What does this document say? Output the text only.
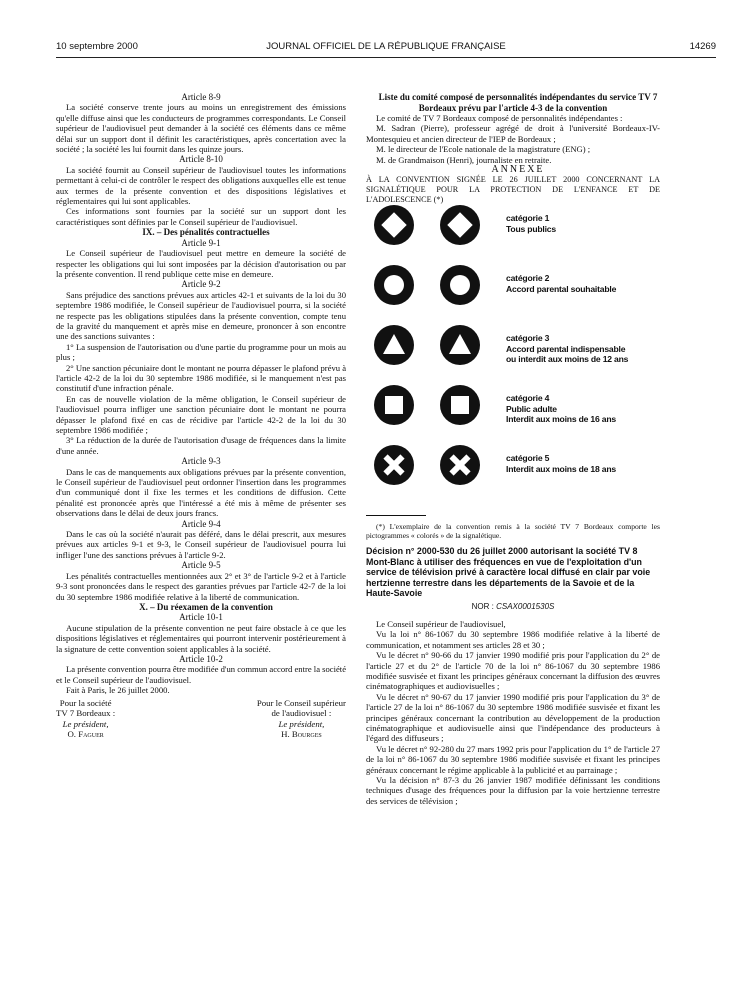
10 septembre 2000	JOURNAL OFFICIEL DE LA RÉPUBLIQUE FRANÇAISE	14269

Article 8-9

La société conserve trente jours au moins un enregistrement des émissions qu'elle diffuse ainsi que les conducteurs de programmes correspondants. Le Conseil supérieur de l'audiovisuel peut demander à la société ces éléments dans ce même délai sur un support dont il définit les caractéristiques, après concertation avec la société ; la société les lui fournit dans les quinze jours.

Article 8-10

La société fournit au Conseil supérieur de l'audiovisuel toutes les informations permettant à celui-ci de contrôler le respect des obligations auxquelles elle est tenue aux termes de la présente convention et des dispositions législatives et réglementaires qui lui sont applicables.

Ces informations sont fournies par la société sur un support dont les caractéristiques sont définies par le Conseil supérieur de l'audiovisuel.

IX. – Des pénalités contractuelles

Article 9-1

Le Conseil supérieur de l'audiovisuel peut mettre en demeure la société de respecter les obligations qui lui sont imposées par la décision d'autorisation ou par la présente convention. Il rend publique cette mise en demeure.

Article 9-2

Sans préjudice des sanctions prévues aux articles 42-1 et suivants de la loi du 30 septembre 1986 modifiée, le Conseil supérieur de l'audiovisuel pourra, si la société ne respecte pas les obligations stipulées dans la présente convention, compte tenu de la gravité du manquement et après mise en demeure, prononcer à son encontre une des sanctions suivantes :

1° La suspension de l'autorisation ou d'une partie du programme pour un mois au plus ;

2° Une sanction pécuniaire dont le montant ne pourra dépasser le plafond prévu à l'article 42-2 de la loi du 30 septembre 1986 modifiée, si le manquement n'est pas constitutif d'une infraction pénale.

En cas de nouvelle violation de la même obligation, le Conseil supérieur de l'audiovisuel pourra infliger une sanction pécuniaire dont le montant ne pourra dépasser le plafond fixé en cas de récidive par l'article 42-2 de la loi du 30 septembre 1986 modifiée ;

3° La réduction de la durée de l'autorisation d'usage de fréquences dans la limite d'une année.

Article 9-3

Dans le cas de manquements aux obligations prévues par la présente convention, le Conseil supérieur de l'audiovisuel peut ordonner l'insertion dans les programmes d'un communiqué dont il fixe les termes et les conditions de diffusion. Cette pénalité est prononcée après que l'intéressé a été mis à même de présenter ses observations dans le délai de deux jours francs.

Article 9-4

Dans le cas où la société n'aurait pas déféré, dans le délai prescrit, aux mesures prévues aux articles 9-1 et 9-3, le Conseil supérieur de l'audiovisuel pourra lui infliger l'une des sanctions prévues à l'article 9-2.

Article 9-5

Les pénalités contractuelles mentionnées aux 2° et 3° de l'article 9-2 et à l'article 9-3 sont prononcées dans le respect des garanties prévues par l'article 42-7 de la loi du 30 septembre 1986 modifiée relative à la liberté de communication.

X. – Du réexamen de la convention

Article 10-1

Aucune stipulation de la présente convention ne peut faire obstacle à ce que les dispositions législatives et réglementaires qui pourront intervenir postérieurement à la signature de cette convention soient applicables à la société.

Article 10-2

La présente convention pourra être modifiée d'un commun accord entre la société et le Conseil supérieur de l'audiovisuel.

Fait à Paris, le 26 juillet 2000.

Pour la société
TV 7 Bordeaux :
Le président,
O. Faguer
Pour le Conseil supérieur
de l'audiovisuel :
Le président,
H. Bourges

Liste du comité composé de personnalités indépendantes du service TV 7 Bordeaux prévu par l'article 4-3 de la convention

Le comité de TV 7 Bordeaux composé de personnalités indépendantes :

M. Sadran (Pierre), professeur agrégé de droit à l'université Bordeaux-IV-Montesquieu et ancien directeur de l'IEP de Bordeaux ;

M. le directeur de l'Ecole nationale de la magistrature (ENG) ;

M. de Grandmaison (Henri), journaliste en retraite.

ANNEXE

À LA CONVENTION SIGNÉE LE 26 JUILLET 2000 CONCERNANT LA SIGNALÉTIQUE POUR LA PROTECTION DE L'ENFANCE ET DE L'ADOLESCENCE (*)

catégorie 1
Tous publics
catégorie 2
Accord parental souhaitable
catégorie 3
Accord parental indispensable
ou interdit aux moins de 12 ans
catégorie 4
Public adulte
Interdit aux moins de 16 ans
catégorie 5
Interdit aux moins de 18 ans

(*) L'exemplaire de la convention remis à la société TV 7 Bordeaux comporte les pictogrammes « colorés » de la signalétique.

Décision n° 2000-530 du 26 juillet 2000 autorisant la société TV 8 Mont-Blanc à utiliser des fréquences en vue de l'exploitation d'un service de télévision privé à caractère local diffusé en clair par voie hertzienne terrestre dans les départements de la Savoie et de la Haute-Savoie
NOR : CSAX0001530S

Le Conseil supérieur de l'audiovisuel,

Vu la loi n° 86-1067 du 30 septembre 1986 modifiée relative à la liberté de communication, et notamment ses articles 28 et 30 ;

Vu le décret n° 90-66 du 17 janvier 1990 modifié pris pour l'application du 2° de l'article 27 et du 2° de l'article 70 de la loi n° 86-1067 du 30 septembre 1986 modifiée susvisée et fixant les principes généraux concernant la diffusion des œuvres cinématographiques et audiovisuelles ;

Vu le décret n° 90-67 du 17 janvier 1990 modifié pris pour l'application du 3° de l'article 27 de la loi n° 86-1067 du 30 septembre 1986 modifiée susvisée et fixant les principes généraux concernant la contribution au développement de la production cinématographique et audiovisuelle ainsi que l'indépendance des producteurs à l'égard des diffuseurs ;

Vu le décret n° 92-280 du 27 mars 1992 pris pour l'application du 1° de l'article 27 de la loi n° 86-1067 du 30 septembre 1986 modifiée susvisée et fixant les principes généraux concernant le régime applicable à la publicité et au parrainage ;

Vu la décision n° 87-3 du 26 janvier 1987 modifiée définissant les conditions techniques d'usage des fréquences pour la diffusion par la voie hertzienne terrestre des services de télévision ;
